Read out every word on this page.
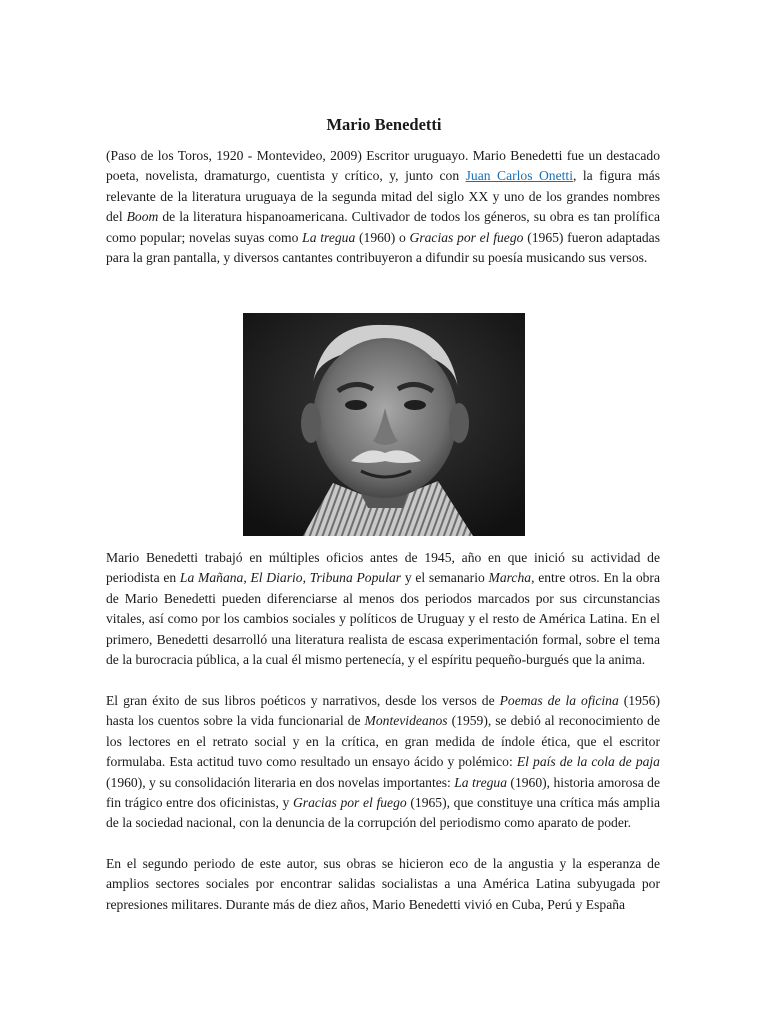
Mario Benedetti

(Paso de los Toros, 1920 - Montevideo, 2009) Escritor uruguayo. Mario Benedetti fue un destacado poeta, novelista, dramaturgo, cuentista y crítico, y, junto con Juan Carlos Onetti, la figura más relevante de la literatura uruguaya de la segunda mitad del siglo XX y uno de los grandes nombres del Boom de la literatura hispanoamericana. Cultivador de todos los géneros, su obra es tan prolífica como popular; novelas suyas como La tregua (1960) o Gracias por el fuego (1965) fueron adaptadas para la gran pantalla, y diversos cantantes contribuyeron a difundir su poesía musicando sus versos.

Mario Benedetti trabajó en múltiples oficios antes de 1945, año en que inició su actividad de periodista en La Mañana, El Diario, Tribuna Popular y el semanario Marcha, entre otros. En la obra de Mario Benedetti pueden diferenciarse al menos dos periodos marcados por sus circunstancias vitales, así como por los cambios sociales y políticos de Uruguay y el resto de América Latina. En el primero, Benedetti desarrolló una literatura realista de escasa experimentación formal, sobre el tema de la burocracia pública, a la cual él mismo pertenecía, y el espíritu pequeño-burgués que la anima.

El gran éxito de sus libros poéticos y narrativos, desde los versos de Poemas de la oficina (1956) hasta los cuentos sobre la vida funcionarial de Montevideanos (1959), se debió al reconocimiento de los lectores en el retrato social y en la crítica, en gran medida de índole ética, que el escritor formulaba. Esta actitud tuvo como resultado un ensayo ácido y polémico: El país de la cola de paja (1960), y su consolidación literaria en dos novelas importantes: La tregua (1960), historia amorosa de fin trágico entre dos oficinistas, y Gracias por el fuego (1965), que constituye una crítica más amplia de la sociedad nacional, con la denuncia de la corrupción del periodismo como aparato de poder.

En el segundo periodo de este autor, sus obras se hicieron eco de la angustia y la esperanza de amplios sectores sociales por encontrar salidas socialistas a una América Latina subyugada por represiones militares. Durante más de diez años, Mario Benedetti vivió en Cuba, Perú y España
